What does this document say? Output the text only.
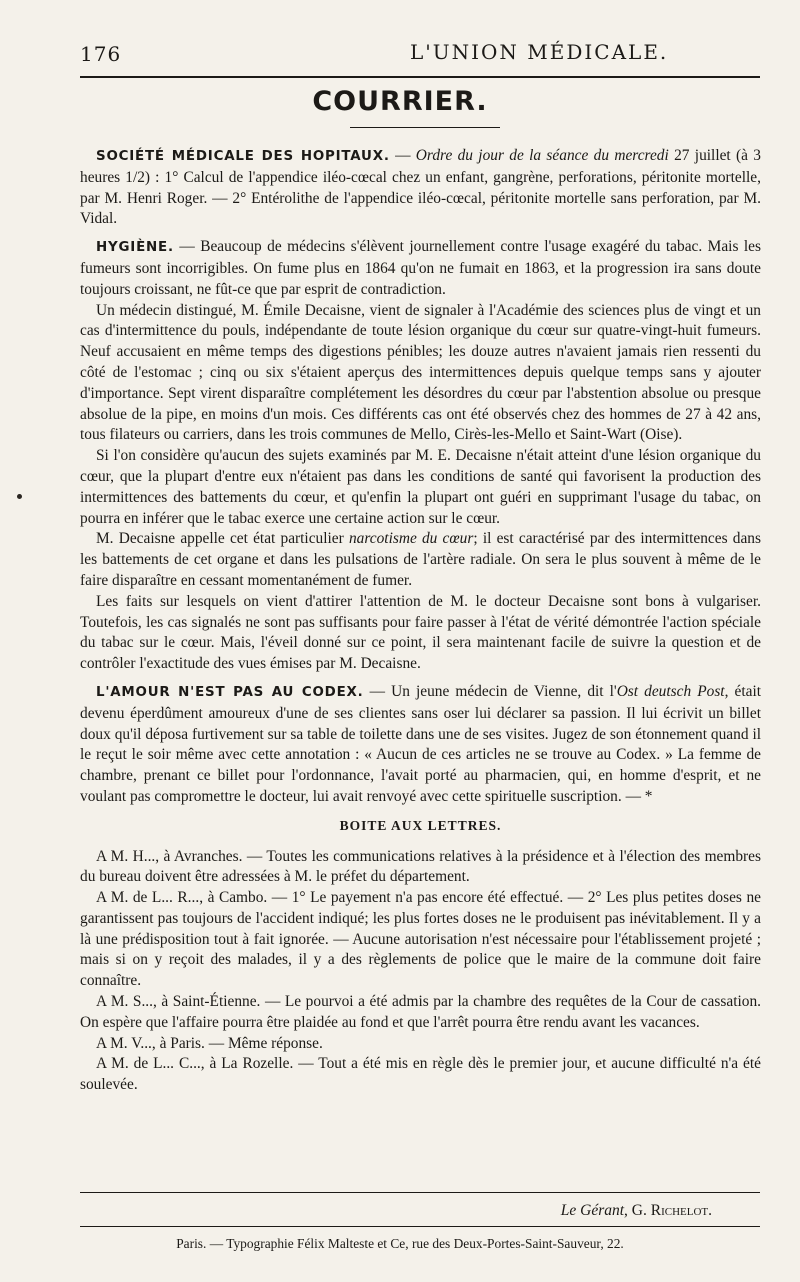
176	L'UNION MÉDICALE.
COURRIER.

SOCIÉTÉ MÉDICALE DES HOPITAUX. — Ordre du jour de la séance du mercredi 27 juillet (à 3 heures 1/2) : 1° Calcul de l'appendice iléo-cœcal chez un enfant, gangrène, perforations, péritonite mortelle, par M. Henri Roger. — 2° Entérolithe de l'appendice iléo-cœcal, péritonite mortelle sans perforation, par M. Vidal.

HYGIÈNE. — Beaucoup de médecins s'élèvent journellement contre l'usage exagéré du tabac. Mais les fumeurs sont incorrigibles. On fume plus en 1864 qu'on ne fumait en 1863, et la progression ira sans doute toujours croissant, ne fût-ce que par esprit de contradiction.

Un médecin distingué, M. Émile Decaisne, vient de signaler à l'Académie des sciences plus de vingt et un cas d'intermittence du pouls, indépendante de toute lésion organique du cœur sur quatre-vingt-huit fumeurs. Neuf accusaient en même temps des digestions pénibles; les douze autres n'avaient jamais rien ressenti du côté de l'estomac ; cinq ou six s'étaient aperçus des intermittences depuis quelque temps sans y ajouter d'importance. Sept virent disparaître complétement les désordres du cœur par l'abstention absolue ou presque absolue de la pipe, en moins d'un mois. Ces différents cas ont été observés chez des hommes de 27 à 42 ans, tous filateurs ou carriers, dans les trois communes de Mello, Cirès-les-Mello et Saint-Wart (Oise).

Si l'on considère qu'aucun des sujets examinés par M. E. Decaisne n'était atteint d'une lésion organique du cœur, que la plupart d'entre eux n'étaient pas dans les conditions de santé qui favorisent la production des intermittences des battements du cœur, et qu'enfin la plupart ont guéri en supprimant l'usage du tabac, on pourra en inférer que le tabac exerce une certaine action sur le cœur.

M. Decaisne appelle cet état particulier narcotisme du cœur; il est caractérisé par des intermittences dans les battements de cet organe et dans les pulsations de l'artère radiale. On sera le plus souvent à même de le faire disparaître en cessant momentanément de fumer.

Les faits sur lesquels on vient d'attirer l'attention de M. le docteur Decaisne sont bons à vulgariser. Toutefois, les cas signalés ne sont pas suffisants pour faire passer à l'état de vérité démontrée l'action spéciale du tabac sur le cœur. Mais, l'éveil donné sur ce point, il sera maintenant facile de suivre la question et de contrôler l'exactitude des vues émises par M. Decaisne.

L'AMOUR N'EST PAS AU CODEX. — Un jeune médecin de Vienne, dit l'Ost deutsch Post, était devenu éperdûment amoureux d'une de ses clientes sans oser lui déclarer sa passion. Il lui écrivit un billet doux qu'il déposa furtivement sur sa table de toilette dans une de ses visites. Jugez de son étonnement quand il le reçut le soir même avec cette annotation : « Aucun de ces articles ne se trouve au Codex. » La femme de chambre, prenant ce billet pour l'ordonnance, l'avait porté au pharmacien, qui, en homme d'esprit, et ne voulant pas compromettre le docteur, lui avait renvoyé avec cette spirituelle suscription. — *

BOITE AUX LETTRES.

A M. H..., à Avranches. — Toutes les communications relatives à la présidence et à l'élection des membres du bureau doivent être adressées à M. le préfet du département.

A M. de L... R..., à Cambo. — 1° Le payement n'a pas encore été effectué. — 2° Les plus petites doses ne garantissent pas toujours de l'accident indiqué; les plus fortes doses ne le produisent pas inévitablement. Il y a là une prédisposition tout à fait ignorée. — Aucune autorisation n'est nécessaire pour l'établissement projeté ; mais si on y reçoit des malades, il y a des règlements de police que le maire de la commune doit faire connaître.

A M. S..., à Saint-Étienne. — Le pourvoi a été admis par la chambre des requêtes de la Cour de cassation. On espère que l'affaire pourra être plaidée au fond et que l'arrêt pourra être rendu avant les vacances.

A M. V..., à Paris. — Même réponse.

A M. de L... C..., à La Rozelle. — Tout a été mis en règle dès le premier jour, et aucune difficulté n'a été soulevée.

Le Gérant, G. Richelot.
Paris. — Typographie Félix Malteste et Ce, rue des Deux-Portes-Saint-Sauveur, 22.
